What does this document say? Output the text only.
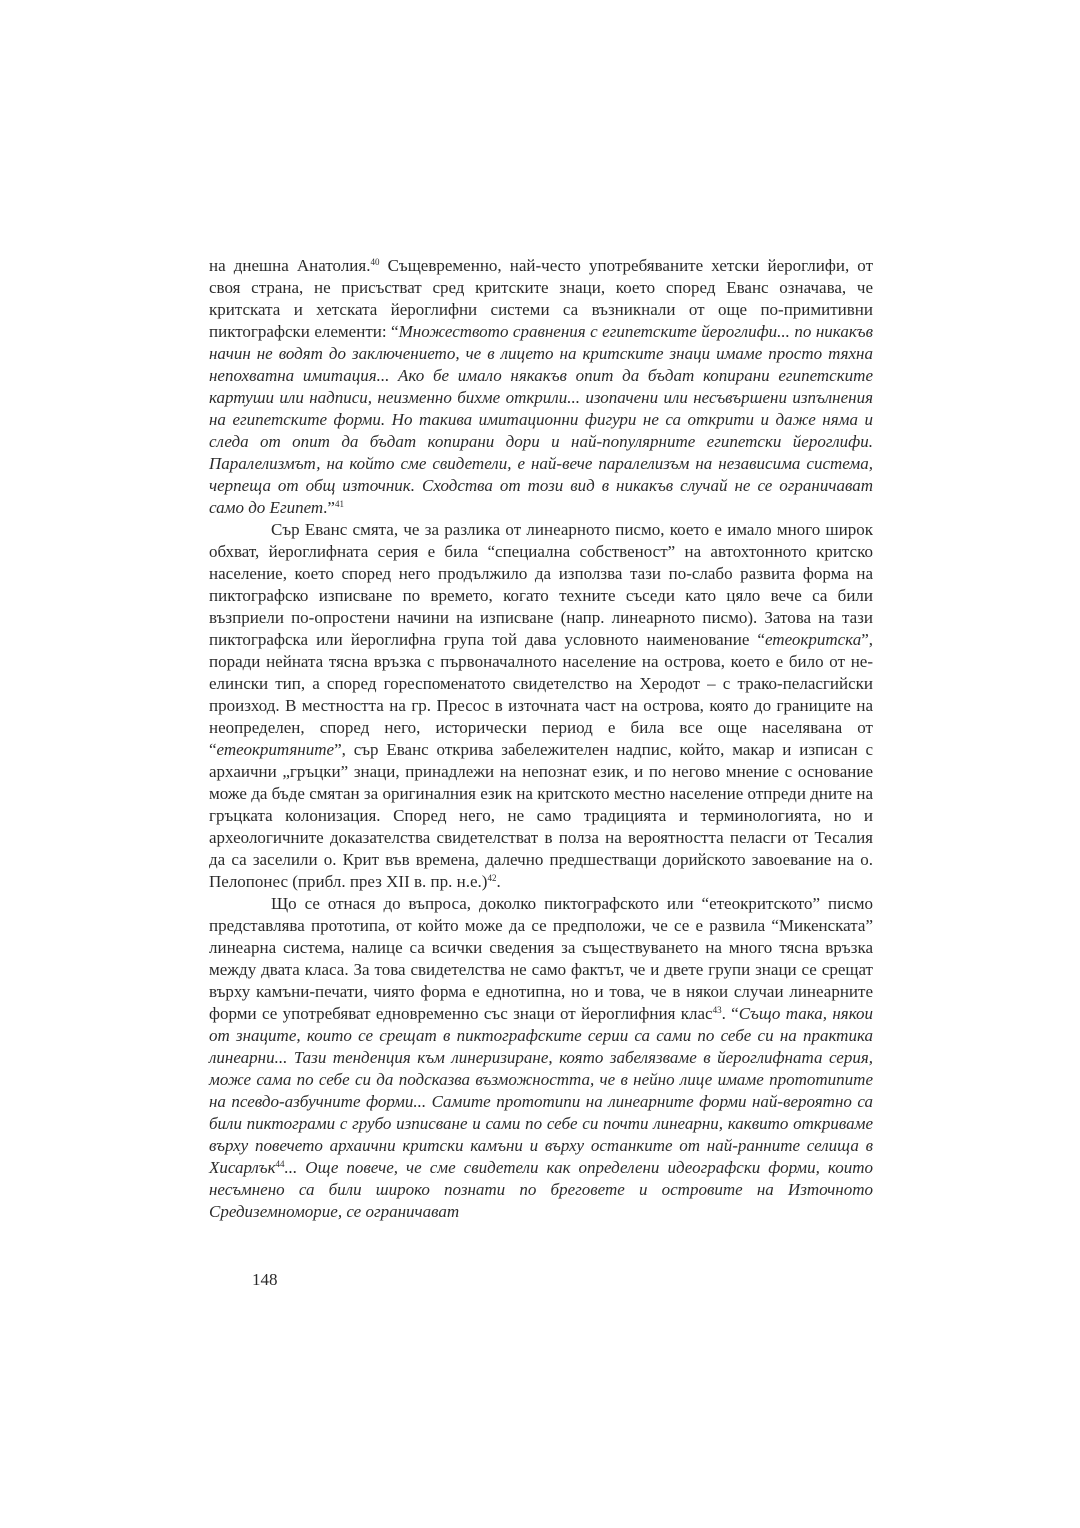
на днешна Анатолия.$^{40}$ Същевременно, най-често употребяваните хетски йероглифи, от своя страна, не присъстват сред критските знаци, което според Еванс означава, че критската и хетската йероглифни системи са възникнали от още по-примитивни пиктографски елементи: “Множеството сравнения с египетските йероглифи... по никакъв начин не водят до заключението, че в лицето на критските знаци имаме просто тяхна непохватна имитация... Ако бе имало някакъв опит да бъдат копирани египетските картуши или надписи, неизменно бихме открили... изопачени или несъвършени изпълнения на египетските форми. Но такива имитационни фигури не са открити и даже няма и следа от опит да бъдат копирани дори и най-популярните египетски йероглифи. Паралелизмът, на който сме свидетели, е най-вече паралелизъм на независима система, черпеща от общ източник. Сходства от този вид в никакъв случай не се ограничават само до Египет.”$^{41}$

Сър Еванс смята, че за разлика от линеарното писмо, което е имало много широк обхват, йероглифната серия е била “специална собственост” на автохтонното критско население, което според него продължило да използва тази по-слабо развита форма на пиктографско изписване по времето, когато техните съседи като цяло вече са били възприели по-опростени начини на изписване (напр. линеарното писмо). Затова на тази пиктографска или йероглифна група той дава условното наименование “етеокритска”, поради нейната тясна връзка с първоначалното население на острова, което е било от не-елински тип, а според гореспоменатото свидетелство на Херодот – с трако-пеласгийски произход. В местността на гр. Пресос в източната част на острова, която до границите на неопределен, според него, исторически период е била все още населявана от “етеокритяните”, сър Еванс открива забележителен надпис, който, макар и изписан с архаични „гръцки” знаци, принадлежи на непознат език, и по негово мнение с основание може да бъде смятан за оригиналния език на критското местно население отпреди дните на гръцката колонизация. Според него, не само традицията и терминологията, но и археологичните доказателства свидетелстват в полза на вероятността пеласги от Тесалия да са заселили о. Крит във времена, далечно предшестващи дорийското завоевание на о. Пелопонес (прибл. през XII в. пр. н.е.)$^{42}$.

Що се отнася до въпроса, доколко пиктографското или “етеокритското” писмо представлява прототипа, от който може да се предположи, че се е развила “Микенската” линеарна система, налице са всички сведения за съществуването на много тясна връзка между двата класа. За това свидетелства не само фактът, че и двете групи знаци се срещат върху камъни-печати, чиято форма е еднотипна, но и това, че в някои случаи линеарните форми се употребяват едновременно със знаци от йероглифния клас$^{43}$. “Също така, някои от знаците, които се срещат в пиктографските серии са сами по себе си на практика линеарни... Тази тенденция към линеризиране, която забелязваме в йероглифната серия, може сама по себе си да подсказва възможността, че в нейно лице имаме прототипите на псевдо-азбучните форми... Самите прототипи на линеарните форми най-вероятно са били пиктограми с грубо изписване и сами по себе си почти линеарни, каквито откриваме върху повечето архаични критски камъни и върху останките от най-ранните селища в Хисарлък$^{44}$... Още повече, че сме свидетели как определени идеографски форми, които несъмнено са били широко познати по бреговете и островите на Източното Средиземноморие, се ограничават

148
